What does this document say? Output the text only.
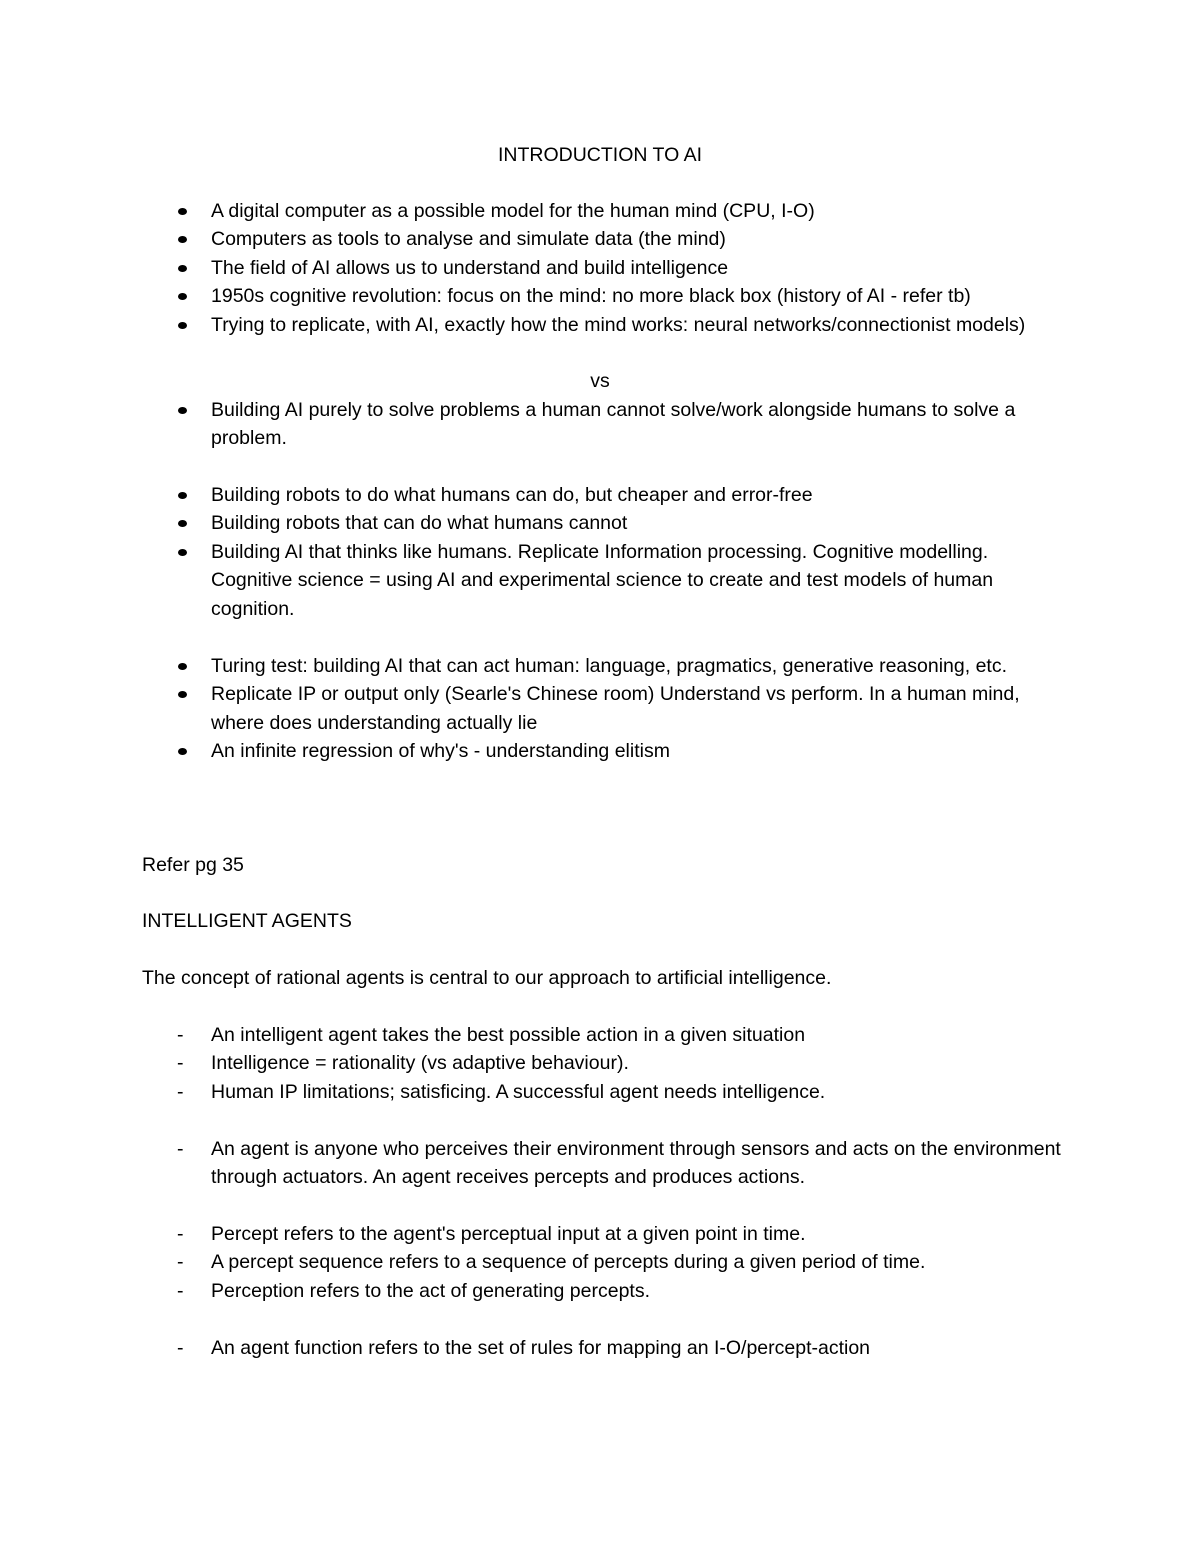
INTRODUCTION TO AI
A digital computer as a possible model for the human mind (CPU, I-O)
Computers as tools to analyse and simulate data (the mind)
The field of AI allows us to understand and build intelligence
1950s cognitive revolution: focus on the mind: no more black box (history of AI - refer tb)
Trying to replicate, with AI, exactly how the mind works: neural networks/connectionist models)
vs
Building AI purely to solve problems a human cannot solve/work alongside humans to solve a problem.
Building robots to do what humans can do, but cheaper and error-free
Building robots that can do what humans cannot
Building AI that thinks like humans. Replicate Information processing. Cognitive modelling. Cognitive science = using AI and experimental science to create and test models of human cognition.
Turing test: building AI that can act human: language, pragmatics, generative reasoning, etc.
Replicate IP or output only (Searle's Chinese room) Understand vs perform. In a human mind, where does understanding actually lie
An infinite regression of why's - understanding elitism
Refer pg 35
INTELLIGENT AGENTS
The concept of rational agents is central to our approach to artificial intelligence.
- An intelligent agent takes the best possible action in a given situation
- Intelligence = rationality (vs adaptive behaviour).
- Human IP limitations; satisficing. A successful agent needs intelligence.
- An agent is anyone who perceives their environment through sensors and acts on the environment through actuators. An agent receives percepts and produces actions.
- Percept refers to the agent's perceptual input at a given point in time.
- A percept sequence refers to a sequence of percepts during a given period of time.
- Perception refers to the act of generating percepts.
- An agent function refers to the set of rules for mapping an I-O/percept-action
